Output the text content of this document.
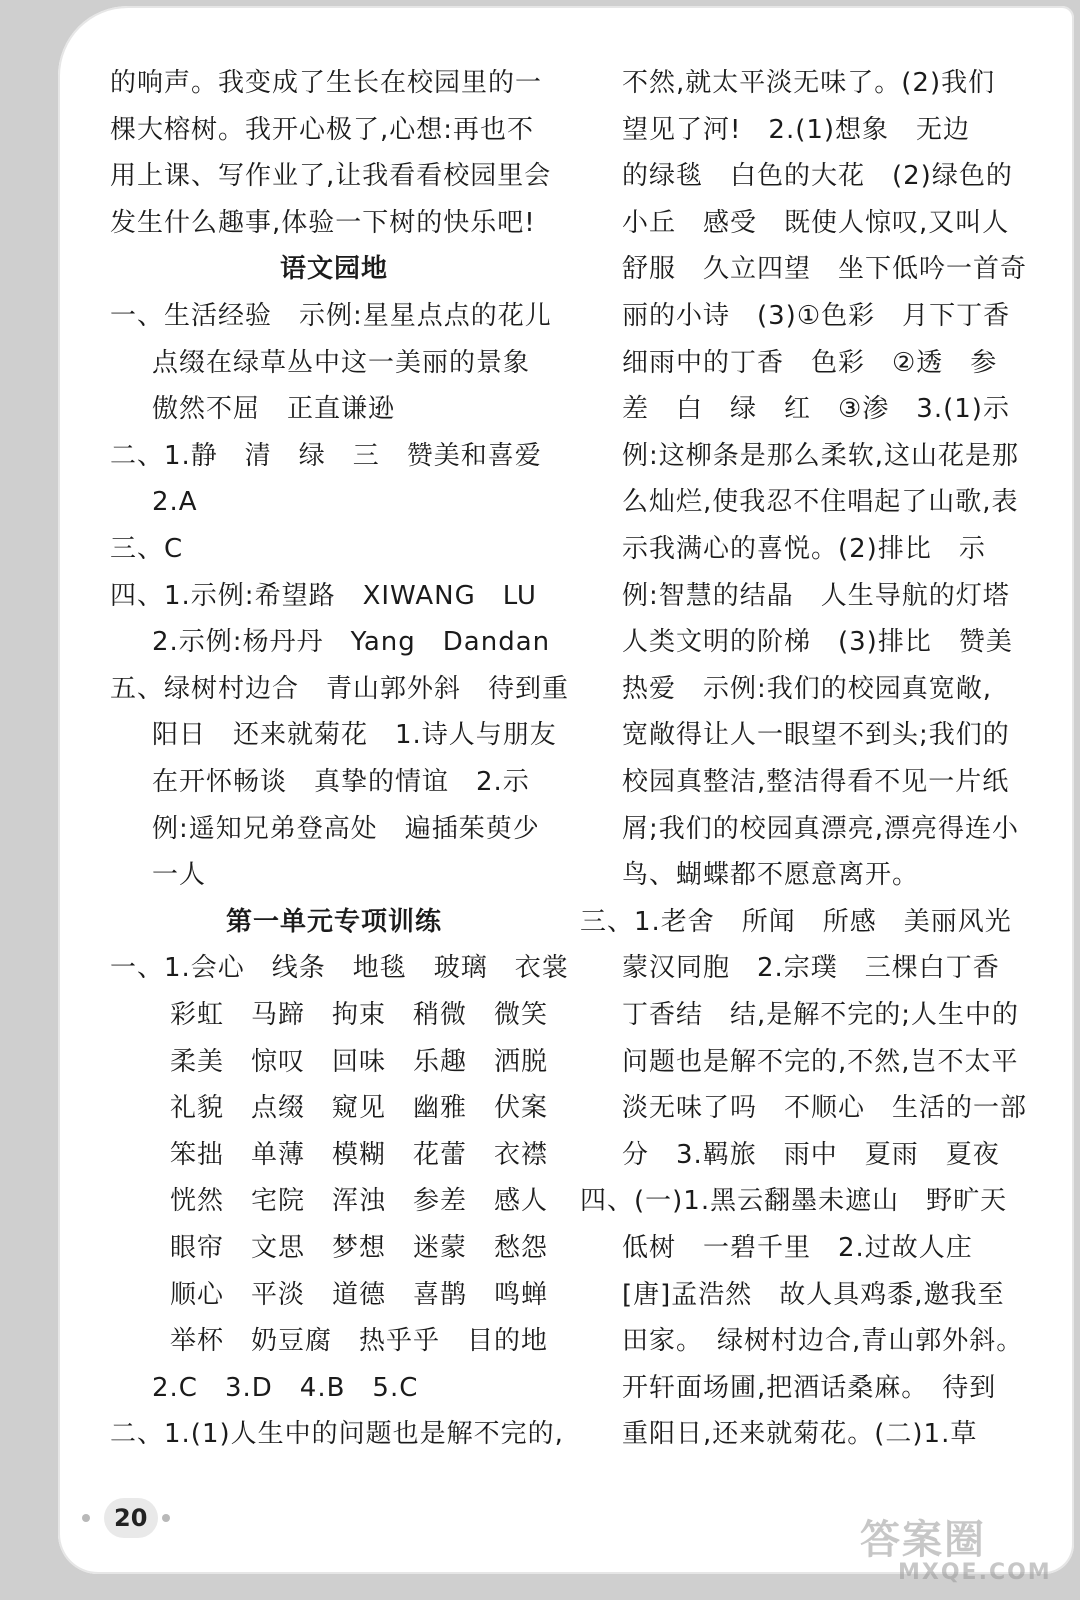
的响声。我变成了生长在校园里的一
棵大榕树。我开心极了,心想:再也不
用上课、写作业了,让我看看校园里会
发生什么趣事,体验一下树的快乐吧!
语文园地
一、生活经验　示例:星星点点的花儿
点缀在绿草丛中这一美丽的景象
傲然不屈　正直谦逊
二、1.静　清　绿　三　赞美和喜爱
2.A
三、C
四、1.示例:希望路　XIWANG　LU
2.示例:杨丹丹　Yang　Dandan
五、绿树村边合　青山郭外斜　待到重
阳日　还来就菊花　1.诗人与朋友
在开怀畅谈　真挚的情谊　2.示
例:遥知兄弟登高处　遍插茱萸少
一人
第一单元专项训练
一、1.会心　线条　地毯　玻璃　衣裳
彩虹　马蹄　拘束　稍微　微笑
柔美　惊叹　回味　乐趣　洒脱
礼貌　点缀　窥见　幽雅　伏案
笨拙　单薄　模糊　花蕾　衣襟
恍然　宅院　浑浊　参差　感人
眼帘　文思　梦想　迷蒙　愁怨
顺心　平淡　道德　喜鹊　鸣蝉
举杯　奶豆腐　热乎乎　目的地
2.C　3.D　4.B　5.C
二、1.(1)人生中的问题也是解不完的,
不然,就太平淡无味了。(2)我们
望见了河!　2.(1)想象　无边
的绿毯　白色的大花　(2)绿色的
小丘　感受　既使人惊叹,又叫人
舒服　久立四望　坐下低吟一首奇
丽的小诗　(3)①色彩　月下丁香
细雨中的丁香　色彩　②透　参
差　白　绿　红　③渗　3.(1)示
例:这柳条是那么柔软,这山花是那
么灿烂,使我忍不住唱起了山歌,表
示我满心的喜悦。(2)排比　示
例:智慧的结晶　人生导航的灯塔
人类文明的阶梯　(3)排比　赞美
热爱　示例:我们的校园真宽敞,
宽敞得让人一眼望不到头;我们的
校园真整洁,整洁得看不见一片纸
屑;我们的校园真漂亮,漂亮得连小
鸟、蝴蝶都不愿意离开。
三、1.老舍　所闻　所感　美丽风光
蒙汉同胞　2.宗璞　三棵白丁香
丁香结　结,是解不完的;人生中的
问题也是解不完的,不然,岂不太平
淡无味了吗　不顺心　生活的一部
分　3.羁旅　雨中　夏雨　夏夜
四、(一)1.黑云翻墨未遮山　野旷天
低树　一碧千里　2.过故人庄
[唐]孟浩然　故人具鸡黍,邀我至
田家。　绿树村边合,青山郭外斜。
开轩面场圃,把酒话桑麻。　待到
重阳日,还来就菊花。(二)1.草
20	答案圈
MXQE.COM
